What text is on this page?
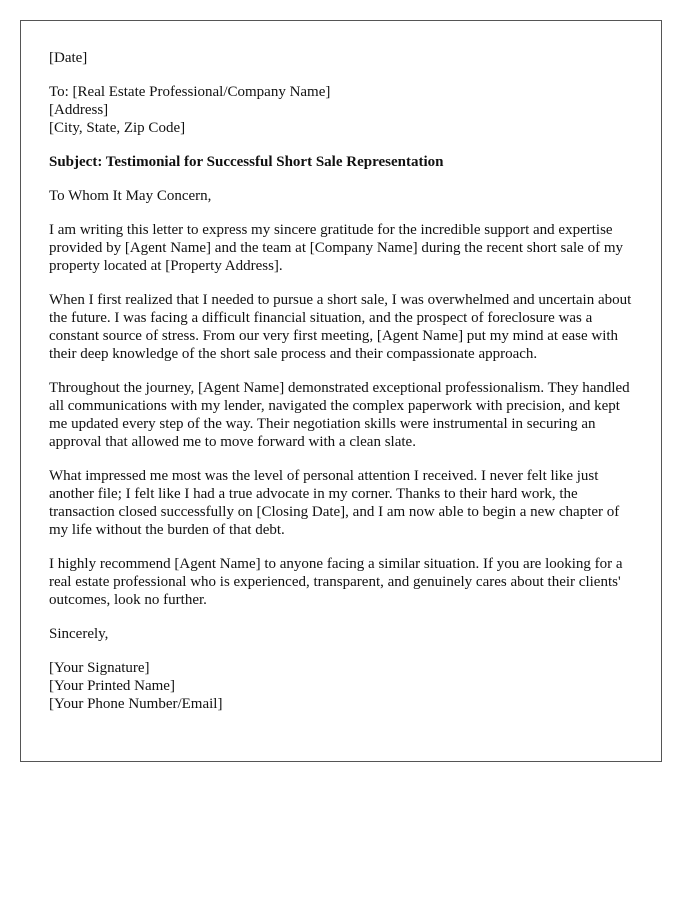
[Date]

To: [Real Estate Professional/Company Name]
[Address]
[City, State, Zip Code]

Subject: Testimonial for Successful Short Sale Representation

To Whom It May Concern,

I am writing this letter to express my sincere gratitude for the incredible support and expertise provided by [Agent Name] and the team at [Company Name] during the recent short sale of my property located at [Property Address].

When I first realized that I needed to pursue a short sale, I was overwhelmed and uncertain about the future. I was facing a difficult financial situation, and the prospect of foreclosure was a constant source of stress. From our very first meeting, [Agent Name] put my mind at ease with their deep knowledge of the short sale process and their compassionate approach.

Throughout the journey, [Agent Name] demonstrated exceptional professionalism. They handled all communications with my lender, navigated the complex paperwork with precision, and kept me updated every step of the way. Their negotiation skills were instrumental in securing an approval that allowed me to move forward with a clean slate.

What impressed me most was the level of personal attention I received. I never felt like just another file; I felt like I had a true advocate in my corner. Thanks to their hard work, the transaction closed successfully on [Closing Date], and I am now able to begin a new chapter of my life without the burden of that debt.

I highly recommend [Agent Name] to anyone facing a similar situation. If you are looking for a real estate professional who is experienced, transparent, and genuinely cares about their clients' outcomes, look no further.

Sincerely,

[Your Signature]
[Your Printed Name]
[Your Phone Number/Email]
